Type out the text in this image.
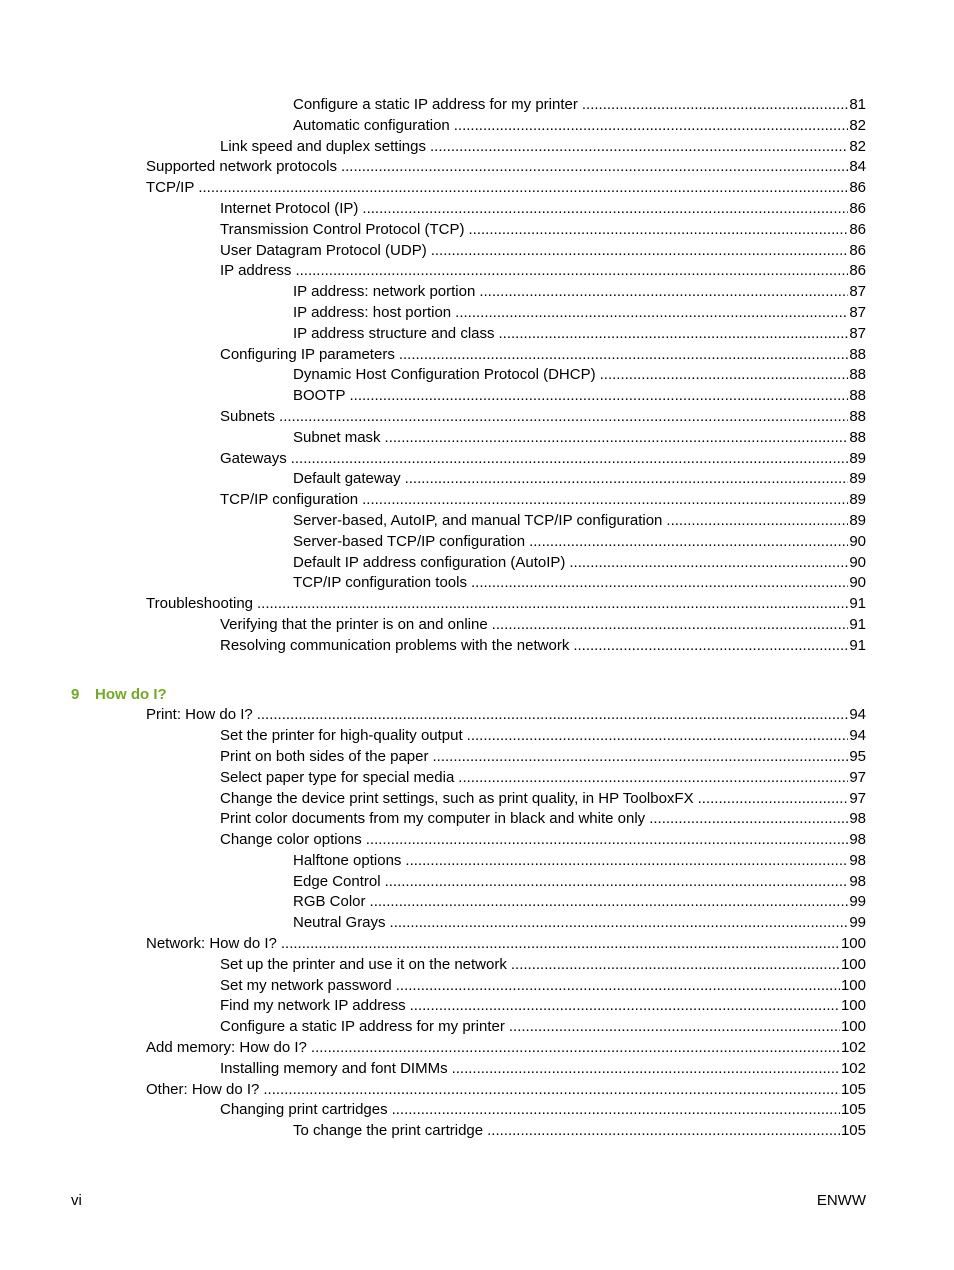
Configure a static IP address for my printer .....	81
Automatic configuration .....	82
Link speed and duplex settings .....	82
Supported network protocols .....	84
TCP/IP .....	86
Internet Protocol (IP) .....	86
Transmission Control Protocol (TCP) .....	86
User Datagram Protocol (UDP) .....	86
IP address .....	86
IP address: network portion .....	87
IP address: host portion .....	87
IP address structure and class .....	87
Configuring IP parameters .....	88
Dynamic Host Configuration Protocol (DHCP) .....	88
BOOTP .....	88
Subnets .....	88
Subnet mask .....	88
Gateways .....	89
Default gateway .....	89
TCP/IP configuration .....	89
Server-based, AutoIP, and manual TCP/IP configuration .....	89
Server-based TCP/IP configuration .....	90
Default IP address configuration (AutoIP) .....	90
TCP/IP configuration tools .....	90
Troubleshooting .....	91
Verifying that the printer is on and online .....	91
Resolving communication problems with the network .....	91
9 How do I?
Print: How do I? .....	94
Set the printer for high-quality output .....	94
Print on both sides of the paper .....	95
Select paper type for special media .....	97
Change the device print settings, such as print quality, in HP ToolboxFX .....	97
Print color documents from my computer in black and white only .....	98
Change color options .....	98
Halftone options .....	98
Edge Control .....	98
RGB Color .....	99
Neutral Grays .....	99
Network: How do I? .....	100
Set up the printer and use it on the network .....	100
Set my network password .....	100
Find my network IP address .....	100
Configure a static IP address for my printer .....	100
Add memory: How do I? .....	102
Installing memory and font DIMMs .....	102
Other: How do I? .....	105
Changing print cartridges .....	105
To change the print cartridge .....	105
vi	ENWW
